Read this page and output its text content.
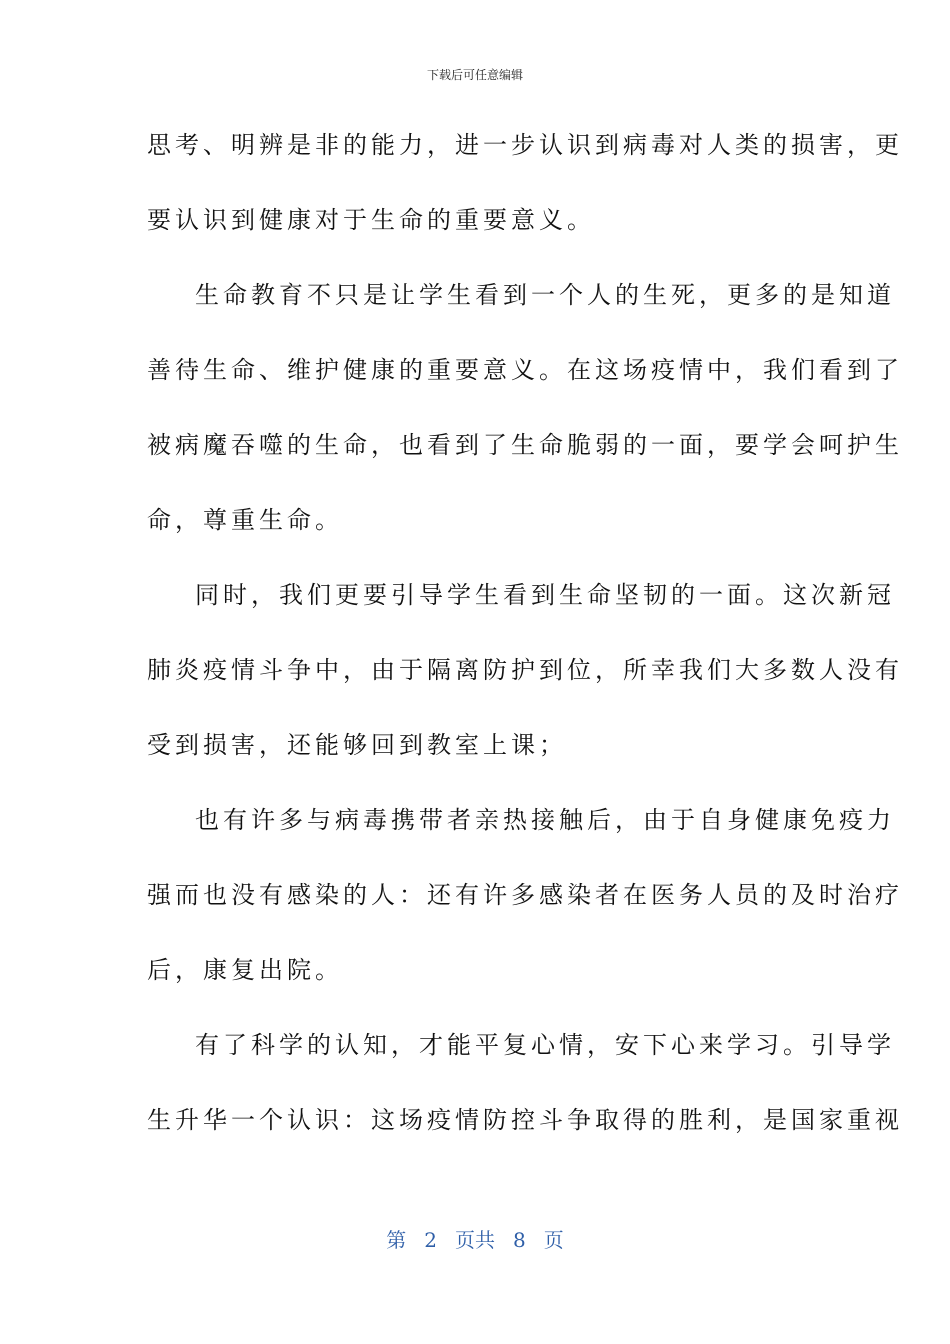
下载后可任意编辑
思考、明辨是非的能力，进一步认识到病毒对人类的损害，更
要认识到健康对于生命的重要意义。
生命教育不只是让学生看到一个人的生死，更多的是知道
善待生命、维护健康的重要意义。在这场疫情中，我们看到了
被病魔吞噬的生命，也看到了生命脆弱的一面，要学会呵护生
命，尊重生命。
同时，我们更要引导学生看到生命坚韧的一面。这次新冠
肺炎疫情斗争中，由于隔离防护到位，所幸我们大多数人没有
受到损害，还能够回到教室上课；
也有许多与病毒携带者亲热接触后，由于自身健康免疫力
强而也没有感染的人：还有许多感染者在医务人员的及时治疗
后，康复出院。
有了科学的认知，才能平复心情，安下心来学习。引导学
生升华一个认识：这场疫情防控斗争取得的胜利，是国家重视
第 2 页共 8 页
